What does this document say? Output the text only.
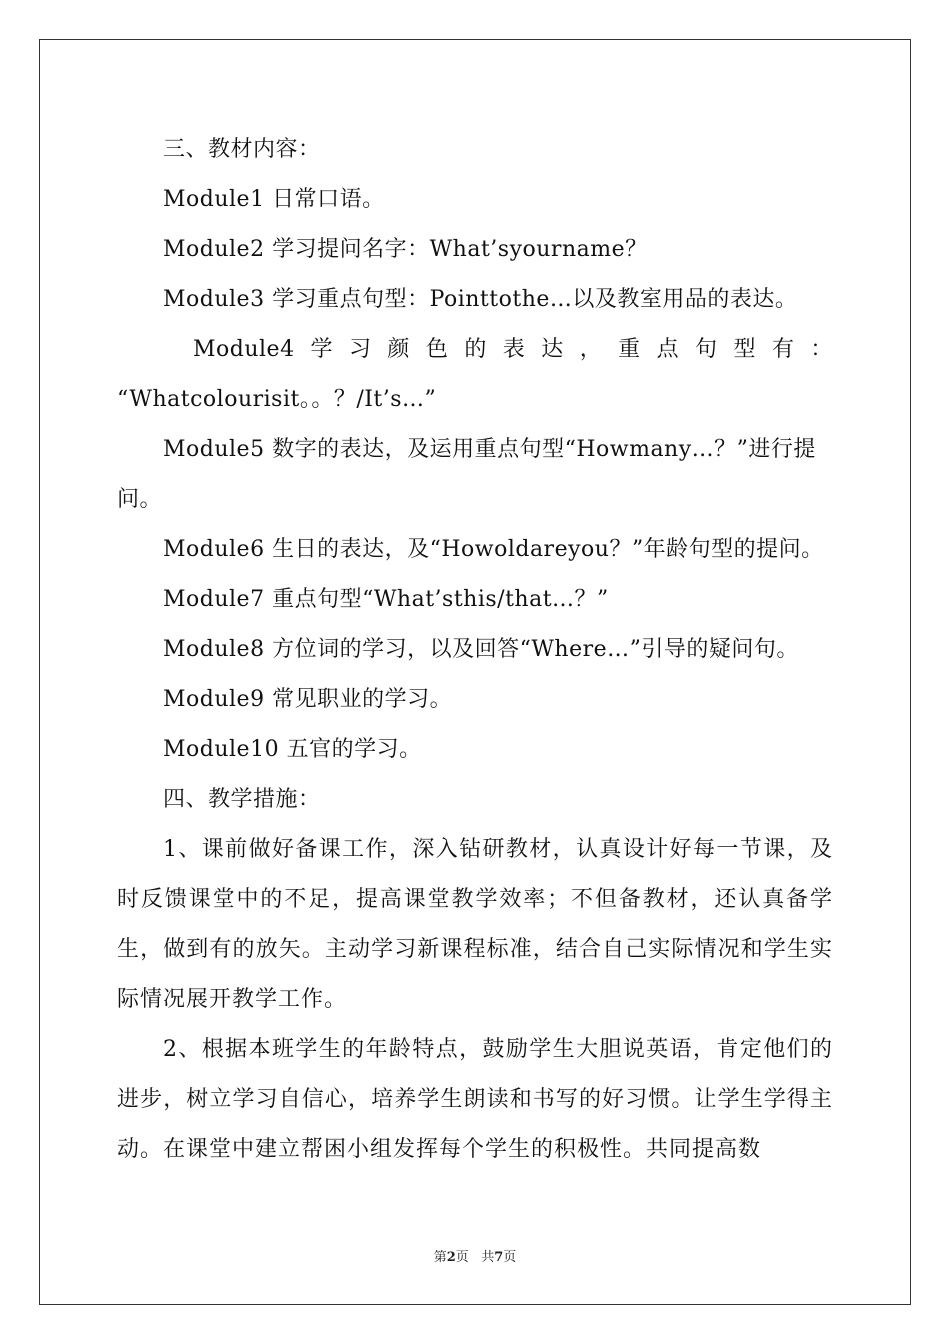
三、教材内容：

Module1 日常口语。

Module2 学习提问名字：What’syourname？

Module3 学习重点句型：Pointtothe…以及教室用品的表达。

Module4 学 习 颜 色 的 表 达 ， 重 点 句 型 有 ：

“Whatcolourisit。。？/It’s…”

Module5 数字的表达，及运用重点句型“Howmany…？”进行提

问。

Module6 生日的表达，及“Howoldareyou？”年龄句型的提问。

Module7 重点句型“What’sthis/that…？”

Module8 方位词的学习，以及回答“Where…”引导的疑问句。

Module9 常见职业的学习。

Module10 五官的学习。

四、教学措施：

1、课前做好备课工作，深入钻研教材，认真设计好每一节课，及时反馈课堂中的不足，提高课堂教学效率；不但备教材，还认真备学生，做到有的放矢。主动学习新课程标准，结合自己实际情况和学生实际情况展开教学工作。

2、根据本班学生的年龄特点，鼓励学生大胆说英语，肯定他们的进步，树立学习自信心，培养学生朗读和书写的好习惯。让学生学得主动。在课堂中建立帮困小组发挥每个学生的积极性。共同提高数

第2页   共7页
